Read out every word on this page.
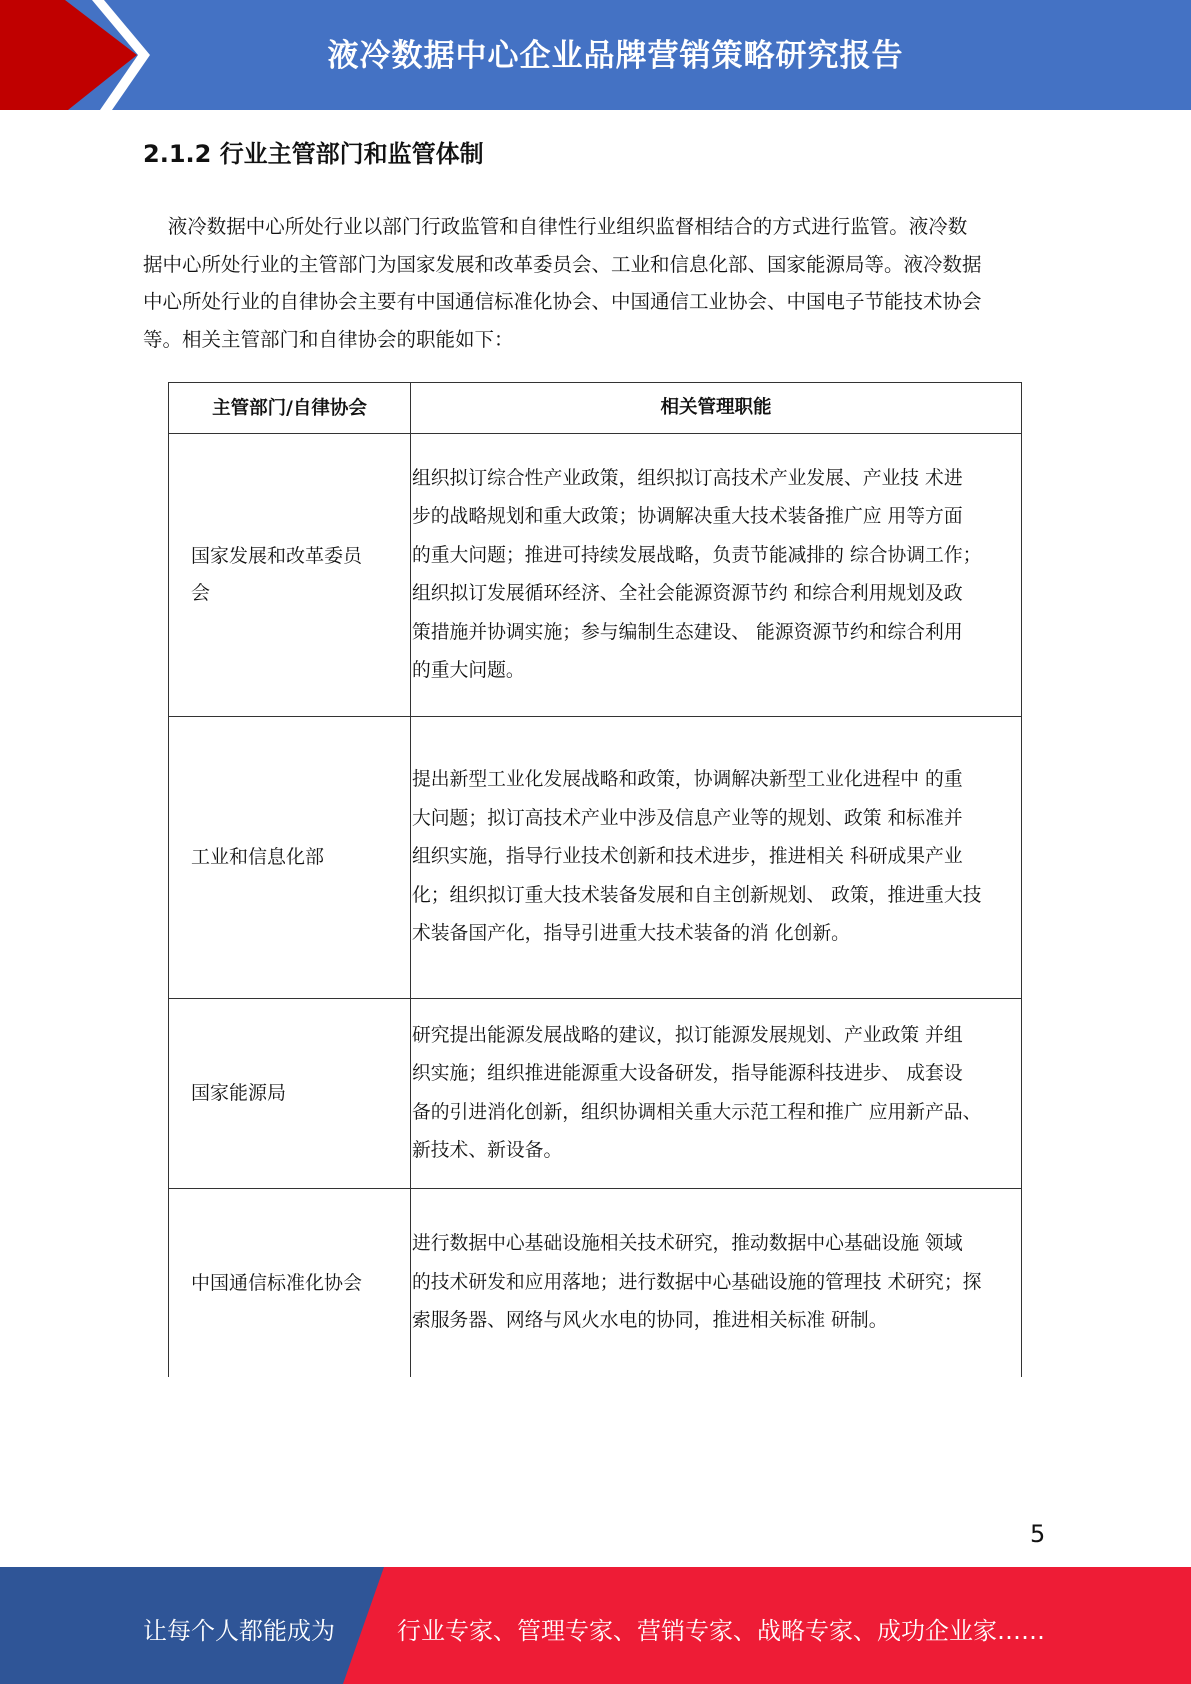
液冷数据中心企业品牌营销策略研究报告
2.1.2 行业主管部门和监管体制
液冷数据中心所处行业以部门行政监管和自律性行业组织监督相结合的方式进行监管。液冷数
据中心所处行业的主管部门为国家发展和改革委员会、工业和信息化部、国家能源局等。液冷数据
中心所处行业的自律协会主要有中国通信标准化协会、中国通信工业协会、中国电子节能技术协会
等。相关主管部门和自律协会的职能如下：
主管部门/自律协会	相关管理职能
国家发展和改革委员
会
组织拟订综合性产业政策，组织拟订高技术产业发展、产业技 术进
步的战略规划和重大政策；协调解决重大技术装备推广应 用等方面
的重大问题；推进可持续发展战略，负责节能减排的 综合协调工作；
组织拟订发展循环经济、全社会能源资源节约 和综合利用规划及政
策措施并协调实施；参与编制生态建设、 能源资源节约和综合利用
的重大问题。
工业和信息化部
提出新型工业化发展战略和政策，协调解决新型工业化进程中 的重
大问题；拟订高技术产业中涉及信息产业等的规划、政策 和标准并
组织实施，指导行业技术创新和技术进步，推进相关 科研成果产业
化；组织拟订重大技术装备发展和自主创新规划、 政策，推进重大技
术装备国产化，指导引进重大技术装备的消 化创新。
国家能源局
研究提出能源发展战略的建议，拟订能源发展规划、产业政策 并组
织实施；组织推进能源重大设备研发，指导能源科技进步、 成套设
备的引进消化创新，组织协调相关重大示范工程和推广 应用新产品、
新技术、新设备。
中国通信标准化协会
进行数据中心基础设施相关技术研究，推动数据中心基础设施 领域
的技术研发和应用落地；进行数据中心基础设施的管理技 术研究；探
索服务器、网络与风火水电的协同，推进相关标准 研制。
5
让每个人都能成为	行业专家、管理专家、营销专家、战略专家、成功企业家……
